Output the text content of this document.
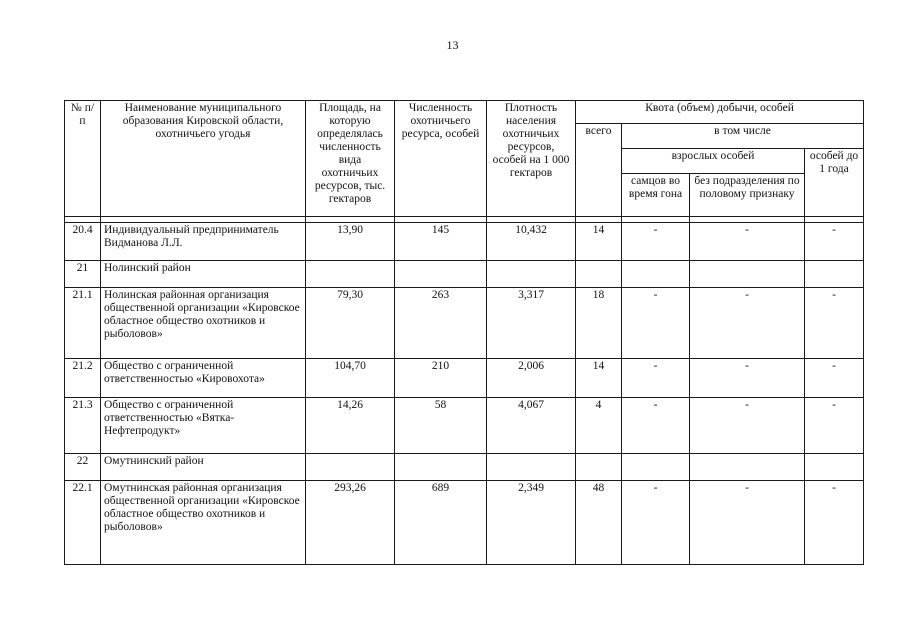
13
№ п/п	Наименование муниципального образования Кировской области, охотничьего угодья	Площадь, на которую определялась численность вида охотничьих ресурсов, тыс. гектаров	Численность охотничьего ресурса, особей	Плотность населения охотничьих ресурсов, особей на 1 000 гектаров	Квота (объем) добычи, особей			
					всего	в том числе		
						взрослых особей		особей до 1 года
						самцов во время гона	без подразделения по половому признаку	

20.4	Индивидуальный предприниматель Видманова Л.Л.	13,90	145	10,432	14	-	-	-
21	Нолинский район							
21.1	Нолинская районная организация общественной организации «Кировское областное общество охотников и рыболовов»	79,30	263	3,317	18	-	-	-
21.2	Общество с ограниченной ответственностью «Кировохота»	104,70	210	2,006	14	-	-	-
21.3	Общество с ограниченной ответственностью «Вятка-Нефтепродукт»	14,26	58	4,067	4	-	-	-
22	Омутнинский район							
22.1	Омутнинская районная организация общественной организации «Кировское областное общество охотников и рыболовов»	293,26	689	2,349	48	-	-	-
